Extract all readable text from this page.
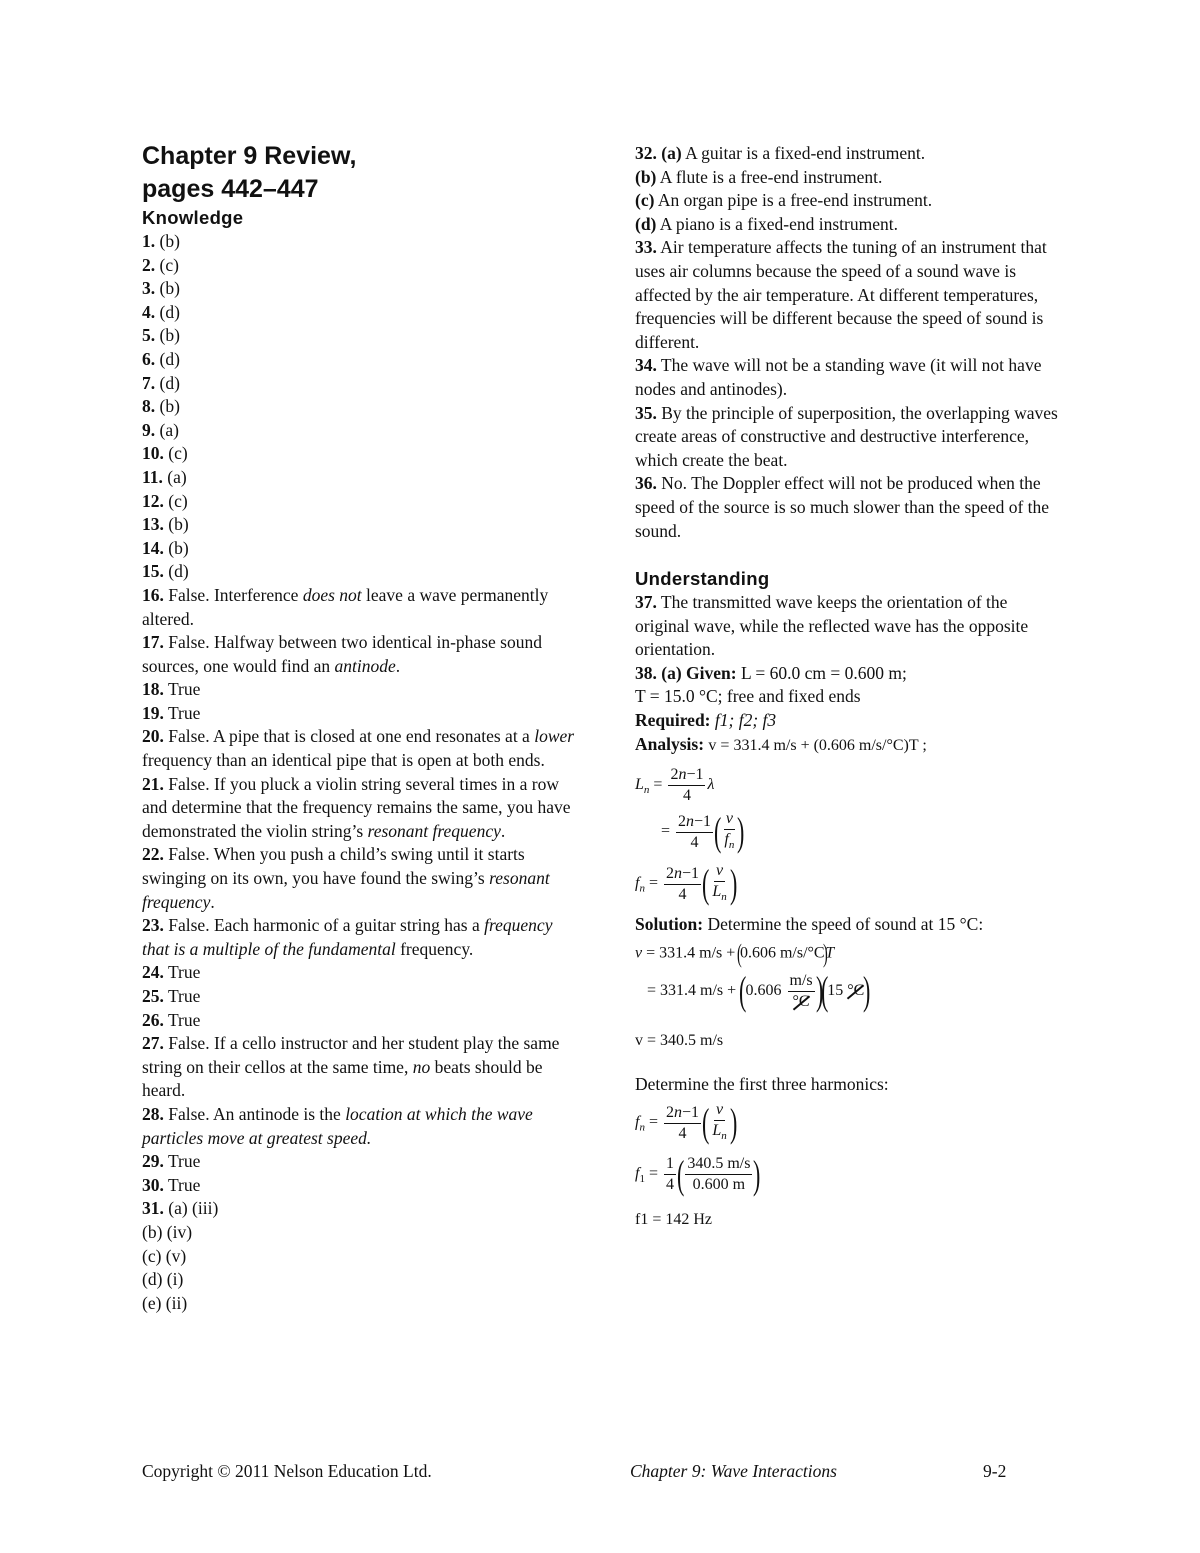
Chapter 9 Review,
pages 442–447
Knowledge

1. (b)

2. (c)

3. (b)

4. (d)

5. (b)

6. (d)

7. (d)

8. (b)

9. (a)

10. (c)

11. (a)

12. (c)

13. (b)

14. (b)

15. (d)

16. False. Interference does not leave a wave permanently altered.

17. False. Halfway between two identical in-phase sound sources, one would find an antinode.

18. True

19. True

20. False. A pipe that is closed at one end resonates at a lower frequency than an identical pipe that is open at both ends.

21. False. If you pluck a violin string several times in a row and determine that the frequency remains the same, you have demonstrated the violin string’s resonant frequency.

22. False. When you push a child’s swing until it starts swinging on its own, you have found the swing’s resonant frequency.

23. False. Each harmonic of a guitar string has a frequency that is a multiple of the fundamental frequency.

24. True

25. True

26. True

27. False. If a cello instructor and her student play the same string on their cellos at the same time, no beats should be heard.

28. False. An antinode is the location at which the wave particles move at greatest speed.

29. True

30. True

31. (a) (iii)

(b) (iv)

(c) (v)

(d) (i)

(e) (ii)

32. (a) A guitar is a fixed-end instrument.

(b) A flute is a free-end instrument.

(c) An organ pipe is a free-end instrument.

(d) A piano is a fixed-end instrument.

33. Air temperature affects the tuning of an instrument that uses air columns because the speed of a sound wave is affected by the air temperature. At different temperatures, frequencies will be different because the speed of sound is different.

34. The wave will not be a standing wave (it will not have nodes and antinodes).

35. By the principle of superposition, the overlapping waves create areas of constructive and destructive interference, which create the beat.

36. No. The Doppler effect will not be produced when the speed of the source is so much slower than the speed of the sound.

Understanding

37. The transmitted wave keeps the orientation of the original wave, while the reflected wave has the opposite orientation.

38. (a) Given: L = 60.0 cm = 0.600 m;

T = 15.0 °C; free and fixed ends

Required: f1; f2; f3

Analysis: v = 331.4 m/s + (0.606 m/s/°C)T ;

$L_n = \frac{2n-1}{4}$ λ
= $\frac{2n-1}{4}$ ( $\frac{v}{f_n}$ )
$f_n = \frac{2n-1}{4}$ ( $\frac{v}{L_n}$ )

Solution: Determine the speed of sound at 15 °C:

v = 331.4 m/s + (0.606 m/s/°C)T
= 331.4 $m/s + (0.606 \frac{m/s}{^\circ C} )(15$ °C)
v = 340.5 m/s

Determine the first three harmonics:

$f_n = \frac{2n-1}{4}$ ( $\frac{v}{L_n}$ )
$f_1 = \frac{1}{4}$ ( $\frac{340.5 m/s}{0.600 m}$ )
f1 = 142 Hz
Copyright © 2011 Nelson Education Ltd.	Chapter 9: Wave Interactions	9-2
